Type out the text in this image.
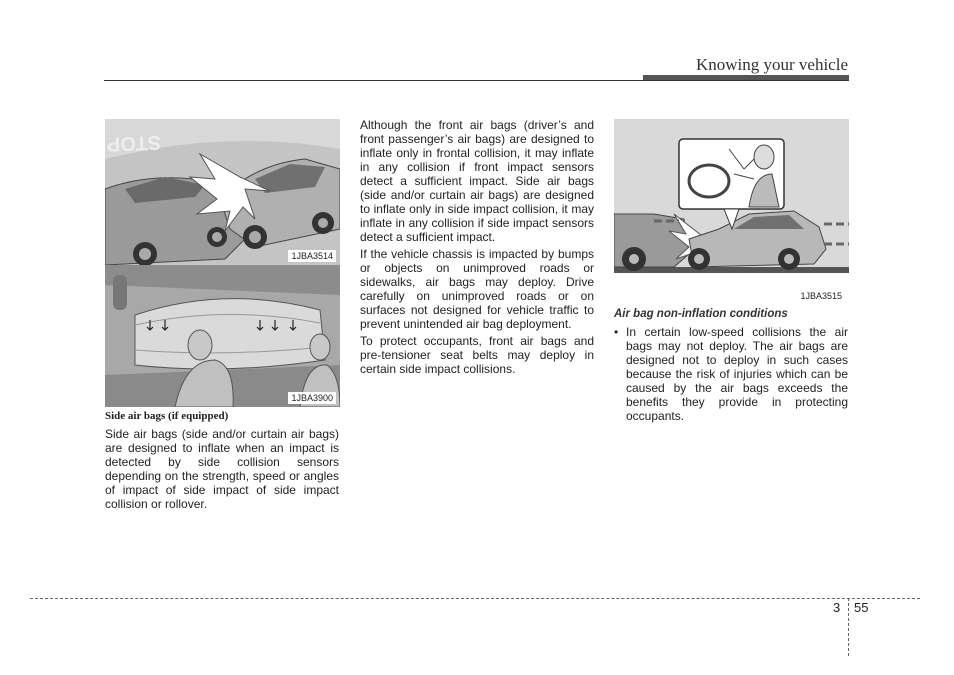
Knowing your vehicle
STOP
1JBA3514
1JBA3900
Side air bags (if equipped)

Side air bags (side and/or curtain air bags) are designed to inflate when an impact is detected by side collision sensors depending on the strength, speed or angles of impact of side impact of side impact collision or rollover.

Although the front air bags (driver’s and front passenger’s air bags) are designed to inflate only in frontal collision, it may inflate in any collision if front impact sensors detect a sufficient impact. Side air bags (side and/or curtain air bags) are designed to inflate only in side impact collision, it may inflate in any collision if side impact sensors detect a sufficient impact.

If the vehicle chassis is impacted by bumps or objects on unimproved roads or sidewalks, air bags may deploy. Drive carefully on unimproved roads or on surfaces not designed for vehicle traffic to prevent unintended air bag deployment.

To protect occupants, front air bags and pre-tensioner seat belts may deploy in certain side impact collisions.

1JBA3515
Air bag non-inflation conditions
• In certain low-speed collisions the air bags may not deploy. The air bags are designed not to deploy in such cases because the risk of injuries which can be caused by the air bags exceeds the benefits they provide in protecting occupants.
3 55
